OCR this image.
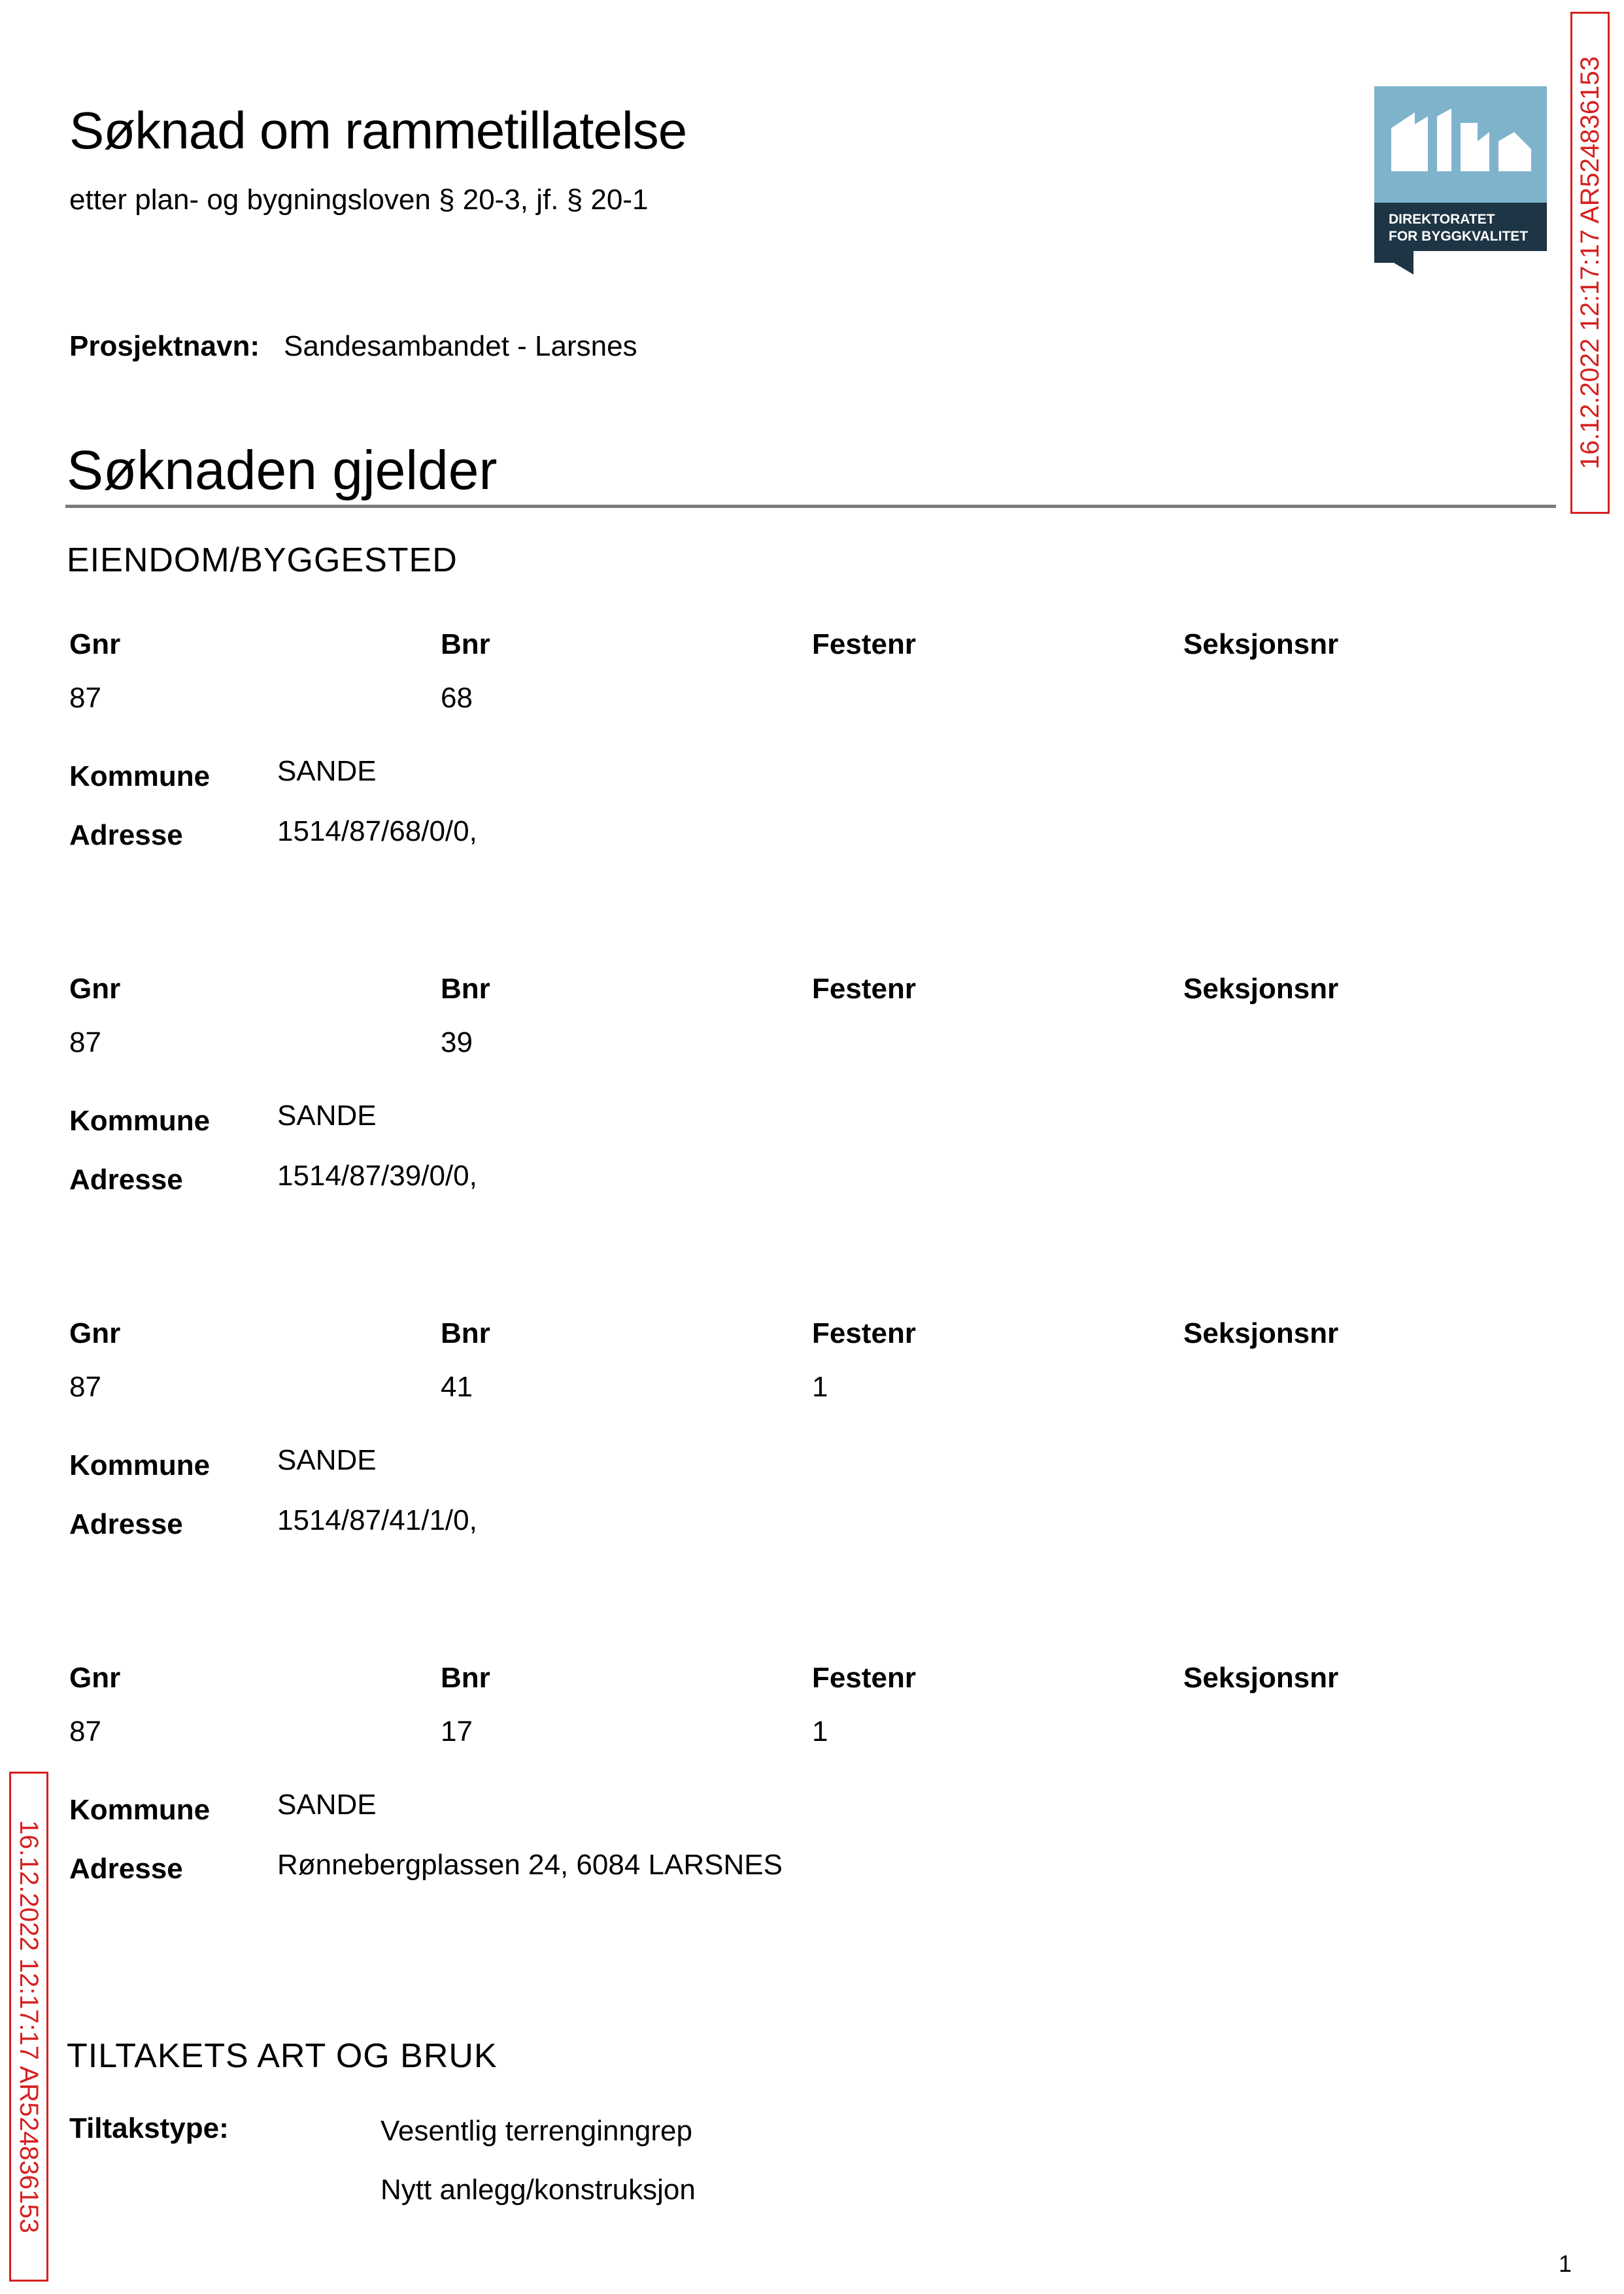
Søknad om rammetillatelse
etter plan- og bygningsloven § 20-3, jf. § 20-1
DIREKTORATET
FOR BYGGKVALITET 16.12.2022 12:17:17 AR524836153
16.12.2022 12:17:17 AR524836153
Prosjektnavn: Sandesambandet - Larsnes
Søknaden gjelder
EIENDOM/BYGGESTED
Gnr	Bnr	Festenr	Seksjonsnr
87	68
Kommune SANDE
Adresse	1514/87/68/0/0,
Gnr	Bnr	Festenr	Seksjonsnr
87	39
Kommune SANDE
Adresse	1514/87/39/0/0,
Gnr	Bnr	Festenr	Seksjonsnr
87	41	1
Kommune SANDE
Adresse	1514/87/41/1/0,
Gnr	Bnr	Festenr	Seksjonsnr
87	17	1
Kommune SANDE
Adresse	Rønnebergplassen 24, 6084 LARSNES
TILTAKETS ART OG BRUK
Tiltakstype:	Vesentlig terrenginngrep
Nytt anlegg/konstruksjon
1
